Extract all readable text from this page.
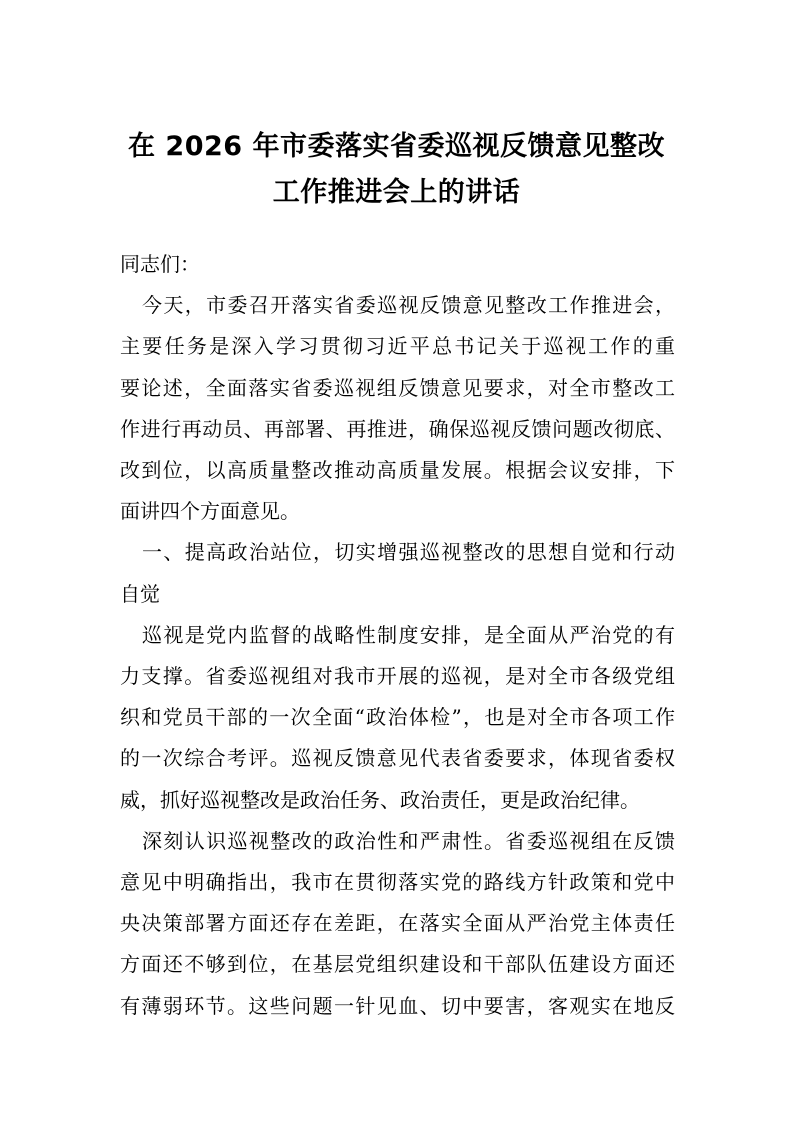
在 2026 年市委落实省委巡视反馈意见整改
工作推进会上的讲话
同志们：
今天，市委召开落实省委巡视反馈意见整改工作推进会，
主要任务是深入学习贯彻习近平总书记关于巡视工作的重
要论述，全面落实省委巡视组反馈意见要求，对全市整改工
作进行再动员、再部署、再推进，确保巡视反馈问题改彻底、
改到位，以高质量整改推动高质量发展。根据会议安排，下
面讲四个方面意见。
一、提高政治站位，切实增强巡视整改的思想自觉和行动
自觉
巡视是党内监督的战略性制度安排，是全面从严治党的有
力支撑。省委巡视组对我市开展的巡视，是对全市各级党组
织和党员干部的一次全面“政治体检”，也是对全市各项工作
的一次综合考评。巡视反馈意见代表省委要求，体现省委权
威，抓好巡视整改是政治任务、政治责任，更是政治纪律。
深刻认识巡视整改的政治性和严肃性。省委巡视组在反馈
意见中明确指出，我市在贯彻落实党的路线方针政策和党中
央决策部署方面还存在差距，在落实全面从严治党主体责任
方面还不够到位，在基层党组织建设和干部队伍建设方面还
有薄弱环节。这些问题一针见血、切中要害，客观实在地反
